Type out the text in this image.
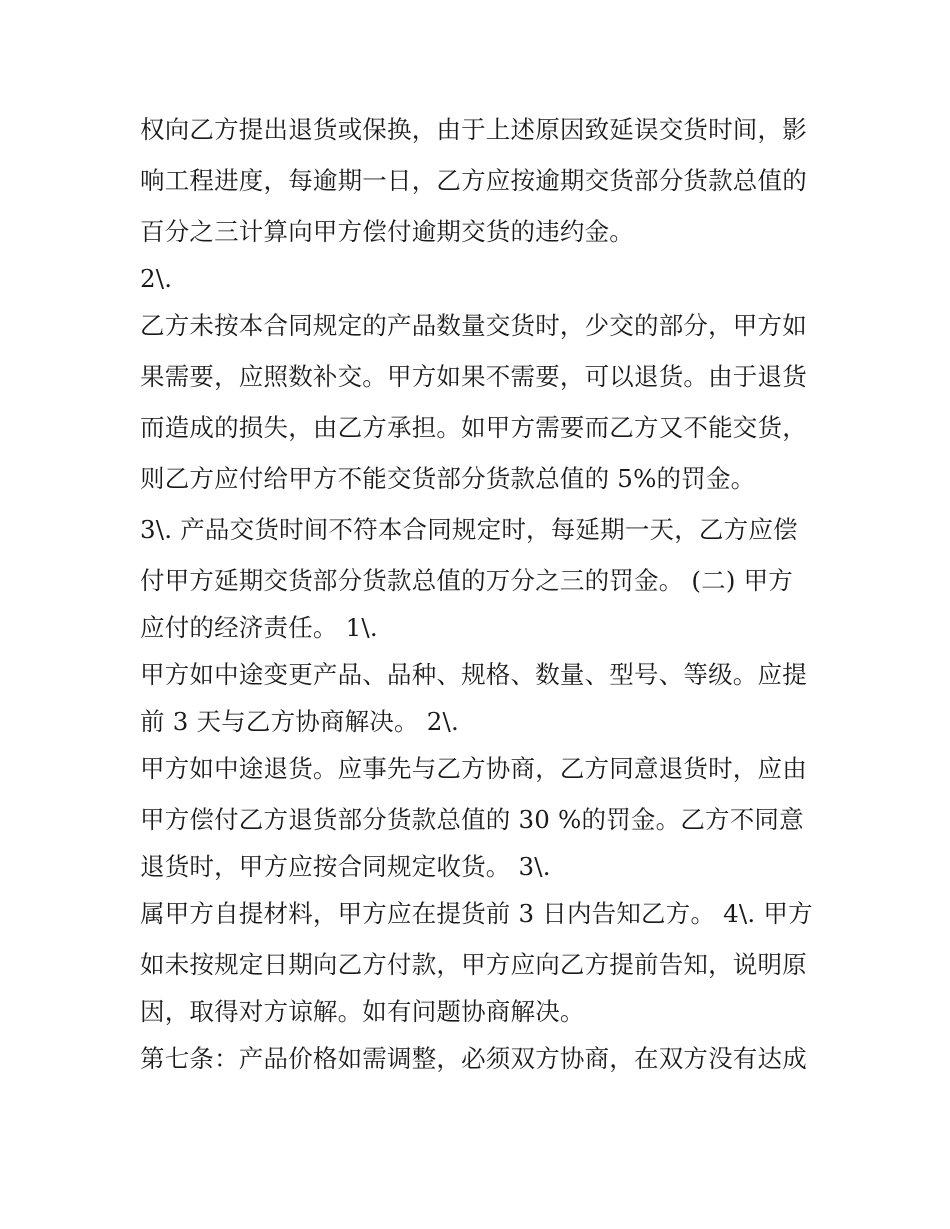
权向乙方提出退货或保换，由于上述原因致延误交货时间，影
响工程进度，每逾期一日，乙方应按逾期交货部分货款总值的
百分之三计算向甲方偿付逾期交货的违约金。
2\.
乙方未按本合同规定的产品数量交货时，少交的部分，甲方如
果需要，应照数补交。甲方如果不需要，可以退货。由于退货
而造成的损失，由乙方承担。如甲方需要而乙方又不能交货，
则乙方应付给甲方不能交货部分货款总值的 5%的罚金。
3\. 产品交货时间不符本合同规定时，每延期一天，乙方应偿
付甲方延期交货部分货款总值的万分之三的罚金。 (二) 甲方
应付的经济责任。 1\.
甲方如中途变更产品、品种、规格、数量、型号、等级。应提
前 3 天与乙方协商解决。 2\.
甲方如中途退货。应事先与乙方协商，乙方同意退货时，应由
甲方偿付乙方退货部分货款总值的 30 %的罚金。乙方不同意
退货时，甲方应按合同规定收货。 3\.
属甲方自提材料，甲方应在提货前 3 日内告知乙方。 4\. 甲方
如未按规定日期向乙方付款，甲方应向乙方提前告知，说明原
因，取得对方谅解。如有问题协商解决。
第七条：产品价格如需调整，必须双方协商，在双方没有达成
